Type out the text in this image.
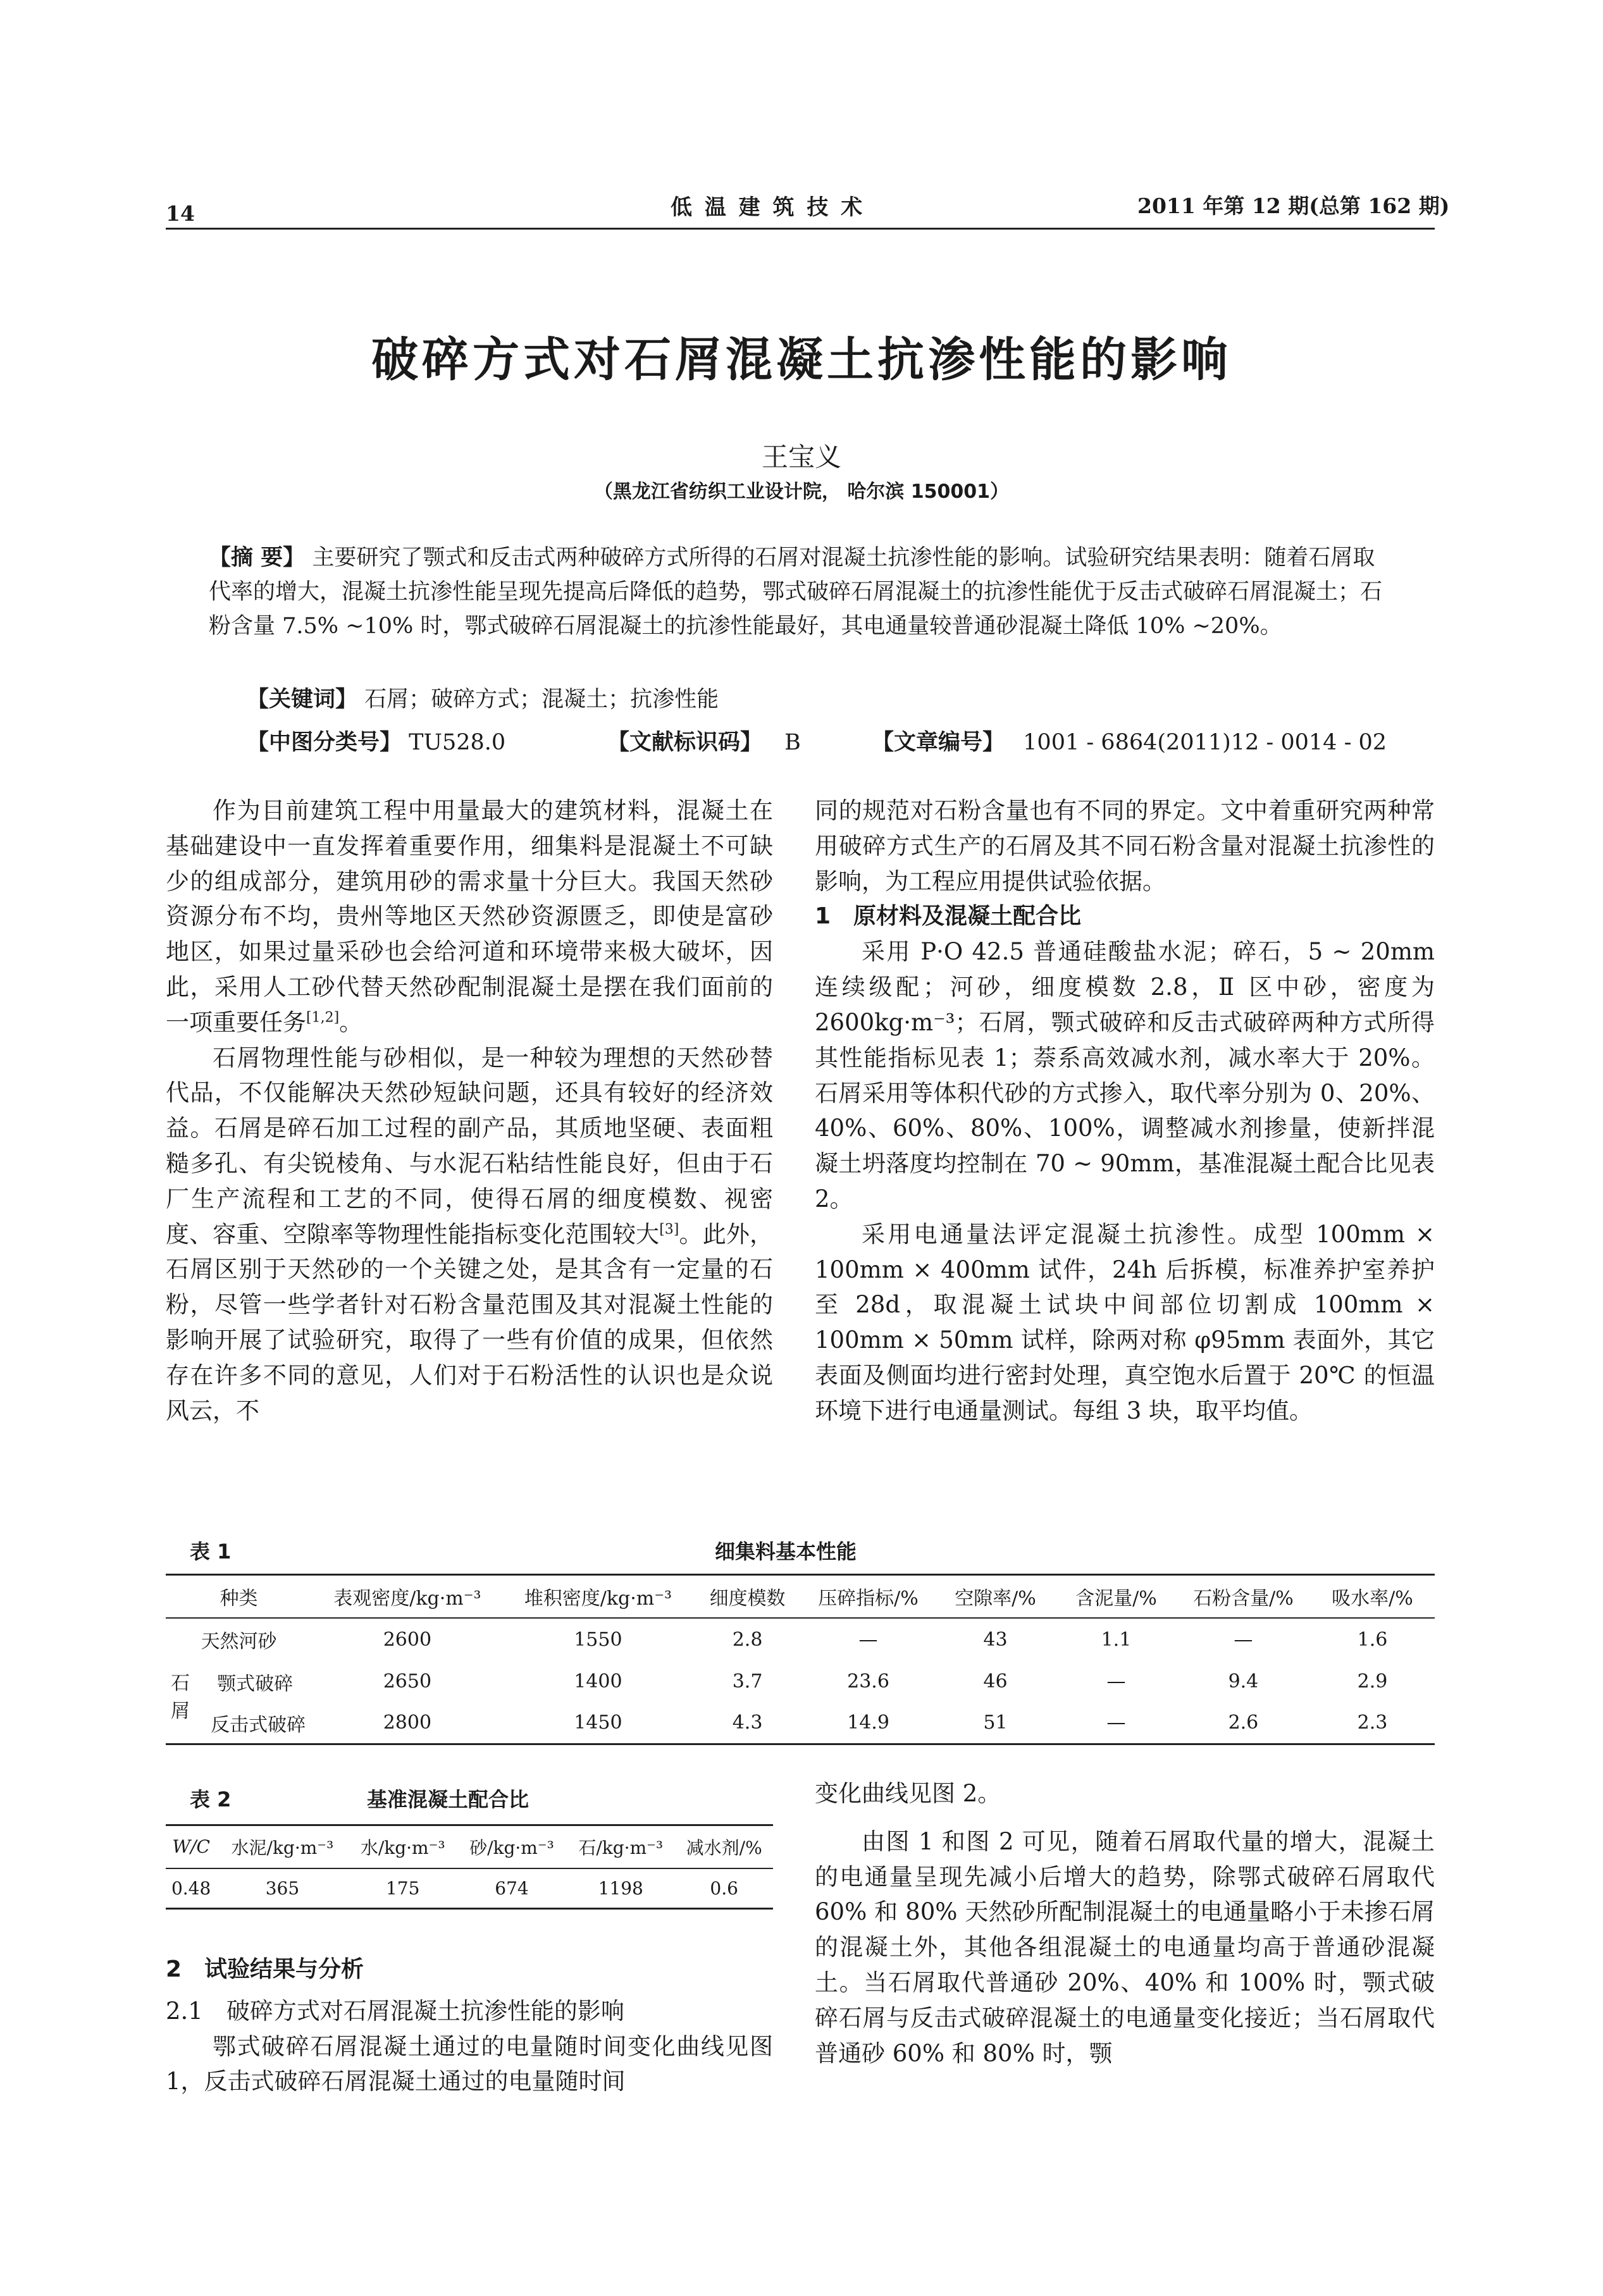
14	低 温 建 筑 技 术	2011 年第 12 期(总第 162 期)
破碎方式对石屑混凝土抗渗性能的影响
王宝义
（黑龙江省纺织工业设计院， 哈尔滨 150001）
【摘 要】 主要研究了颚式和反击式两种破碎方式所得的石屑对混凝土抗渗性能的影响。试验研究结果表明：随着石屑取代率的增大，混凝土抗渗性能呈现先提高后降低的趋势，鄂式破碎石屑混凝土的抗渗性能优于反击式破碎石屑混凝土；石粉含量 7.5% ~10% 时，鄂式破碎石屑混凝土的抗渗性能最好，其电通量较普通砂混凝土降低 10% ~20%。
【关键词】 石屑；破碎方式；混凝土；抗渗性能
【中图分类号】 TU528.0	【文献标识码】 B	【文章编号】 1001 - 6864(2011)12 - 0014 - 02

作为目前建筑工程中用量最大的建筑材料，混凝土在基础建设中一直发挥着重要作用，细集料是混凝土不可缺少的组成部分，建筑用砂的需求量十分巨大。我国天然砂资源分布不均，贵州等地区天然砂资源匮乏，即使是富砂地区，如果过量采砂也会给河道和环境带来极大破坏，因此，采用人工砂代替天然砂配制混凝土是摆在我们面前的一项重要任务[1,2]。

石屑物理性能与砂相似，是一种较为理想的天然砂替代品，不仅能解决天然砂短缺问题，还具有较好的经济效益。石屑是碎石加工过程的副产品，其质地坚硬、表面粗糙多孔、有尖锐棱角、与水泥石粘结性能良好，但由于石厂生产流程和工艺的不同，使得石屑的细度模数、视密度、容重、空隙率等物理性能指标变化范围较大[3]。此外，石屑区别于天然砂的一个关键之处，是其含有一定量的石粉，尽管一些学者针对石粉含量范围及其对混凝土性能的影响开展了试验研究，取得了一些有价值的成果，但依然存在许多不同的意见，人们对于石粉活性的认识也是众说风云，不

同的规范对石粉含量也有不同的界定。文中着重研究两种常用破碎方式生产的石屑及其不同石粉含量对混凝土抗渗性的影响，为工程应用提供试验依据。

1　原材料及混凝土配合比

采用 P·O 42.5 普通硅酸盐水泥；碎石，5 ~ 20mm 连续级配；河砂，细度模数 2.8，Ⅱ 区中砂，密度为 2600kg·m⁻³；石屑，颚式破碎和反击式破碎两种方式所得其性能指标见表 1；萘系高效减水剂，减水率大于 20%。石屑采用等体积代砂的方式掺入，取代率分别为 0、20%、40%、60%、80%、100%，调整减水剂掺量，使新拌混凝土坍落度均控制在 70 ~ 90mm，基准混凝土配合比见表 2。

采用电通量法评定混凝土抗渗性。成型 100mm × 100mm × 400mm 试件，24h 后拆模，标准养护室养护至 28d，取混凝土试块中间部位切割成 100mm × 100mm × 50mm 试样，除两对称 φ95mm 表面外，其它表面及侧面均进行密封处理，真空饱水后置于 20℃ 的恒温环境下进行电通量测试。每组 3 块，取平均值。

表 1	细集料基本性能
种类	表观密度/kg·m⁻³	堆积密度/kg·m⁻³	细度模数	压碎指标/%	空隙率/%	含泥量/%	石粉含量/%	吸水率/%
天然河砂	2600	1550	2.8	—	43	1.1	—	1.6
颚式破碎	2650	1400	3.7	23.6	46	—	9.4	2.9
反击式破碎	2800	1450	4.3	14.9	51	—	2.6	2.3
石屑
表 2	基准混凝土配合比
W/C	水泥/kg·m⁻³	水/kg·m⁻³	砂/kg·m⁻³	石/kg·m⁻³	减水剂/%
0.48	365	175	674	1198	0.6

2　试验结果与分析

2.1　破碎方式对石屑混凝土抗渗性能的影响

鄂式破碎石屑混凝土通过的电量随时间变化曲线见图 1，反击式破碎石屑混凝土通过的电量随时间

变化曲线见图 2。

由图 1 和图 2 可见，随着石屑取代量的增大，混凝土的电通量呈现先减小后增大的趋势，除鄂式破碎石屑取代 60% 和 80% 天然砂所配制混凝土的电通量略小于未掺石屑的混凝土外，其他各组混凝土的电通量均高于普通砂混凝土。当石屑取代普通砂 20%、40% 和 100% 时，颚式破碎石屑与反击式破碎混凝土的电通量变化接近；当石屑取代普通砂 60% 和 80% 时，颚
